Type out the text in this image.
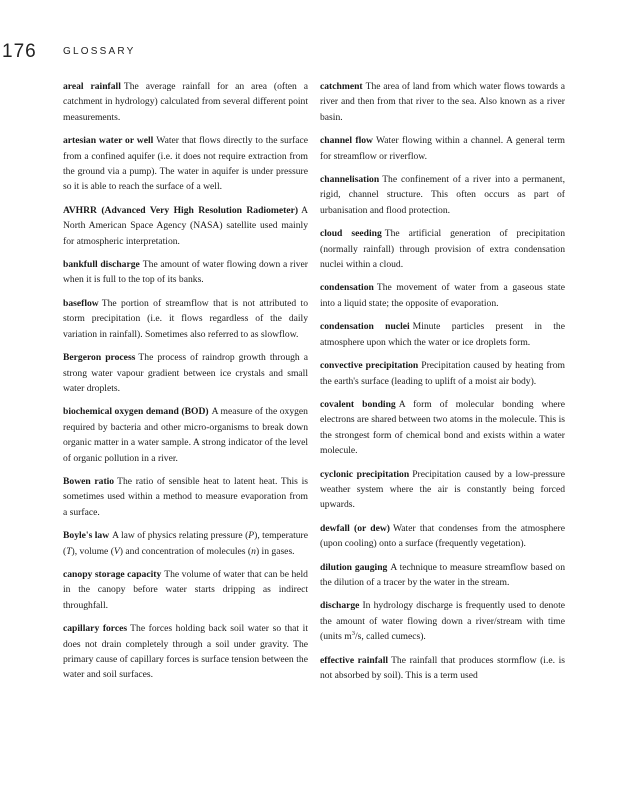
176	GLOSSARY

areal rainfall The average rainfall for an area (often a catchment in hydrology) calculated from several different point measurements.

artesian water or well Water that flows directly to the surface from a confined aquifer (i.e. it does not require extraction from the ground via a pump). The water in aquifer is under pressure so it is able to reach the surface of a well.

AVHRR (Advanced Very High Resolution Radiometer) A North American Space Agency (NASA) satellite used mainly for atmospheric interpretation.

bankfull discharge The amount of water flowing down a river when it is full to the top of its banks.

baseflow The portion of streamflow that is not attributed to storm precipitation (i.e. it flows regardless of the daily variation in rainfall). Sometimes also referred to as slowflow.

Bergeron process The process of raindrop growth through a strong water vapour gradient between ice crystals and small water droplets.

biochemical oxygen demand (BOD) A measure of the oxygen required by bacteria and other micro-organisms to break down organic matter in a water sample. A strong indicator of the level of organic pollution in a river.

Bowen ratio The ratio of sensible heat to latent heat. This is sometimes used within a method to measure evaporation from a surface.

Boyle's law A law of physics relating pressure (P), temperature (T), volume (V) and concentration of molecules (n) in gases.

canopy storage capacity The volume of water that can be held in the canopy before water starts dripping as indirect throughfall.

capillary forces The forces holding back soil water so that it does not drain completely through a soil under gravity. The primary cause of capillary forces is surface tension between the water and soil surfaces.

catchment The area of land from which water flows towards a river and then from that river to the sea. Also known as a river basin.

channel flow Water flowing within a channel. A general term for streamflow or riverflow.

channelisation The confinement of a river into a permanent, rigid, channel structure. This often occurs as part of urbanisation and flood protection.

cloud seeding The artificial generation of precipitation (normally rainfall) through provision of extra condensation nuclei within a cloud.

condensation The movement of water from a gaseous state into a liquid state; the opposite of evaporation.

condensation nuclei Minute particles present in the atmosphere upon which the water or ice droplets form.

convective precipitation Precipitation caused by heating from the earth's surface (leading to uplift of a moist air body).

covalent bonding A form of molecular bonding where electrons are shared between two atoms in the molecule. This is the strongest form of chemical bond and exists within a water molecule.

cyclonic precipitation Precipitation caused by a low-pressure weather system where the air is constantly being forced upwards.

dewfall (or dew) Water that condenses from the atmosphere (upon cooling) onto a surface (frequently vegetation).

dilution gauging A technique to measure streamflow based on the dilution of a tracer by the water in the stream.

discharge In hydrology discharge is frequently used to denote the amount of water flowing down a river/stream with time (units $m^3/s$, called cumecs).

effective rainfall The rainfall that produces stormflow (i.e. is not absorbed by soil). This is a term used
